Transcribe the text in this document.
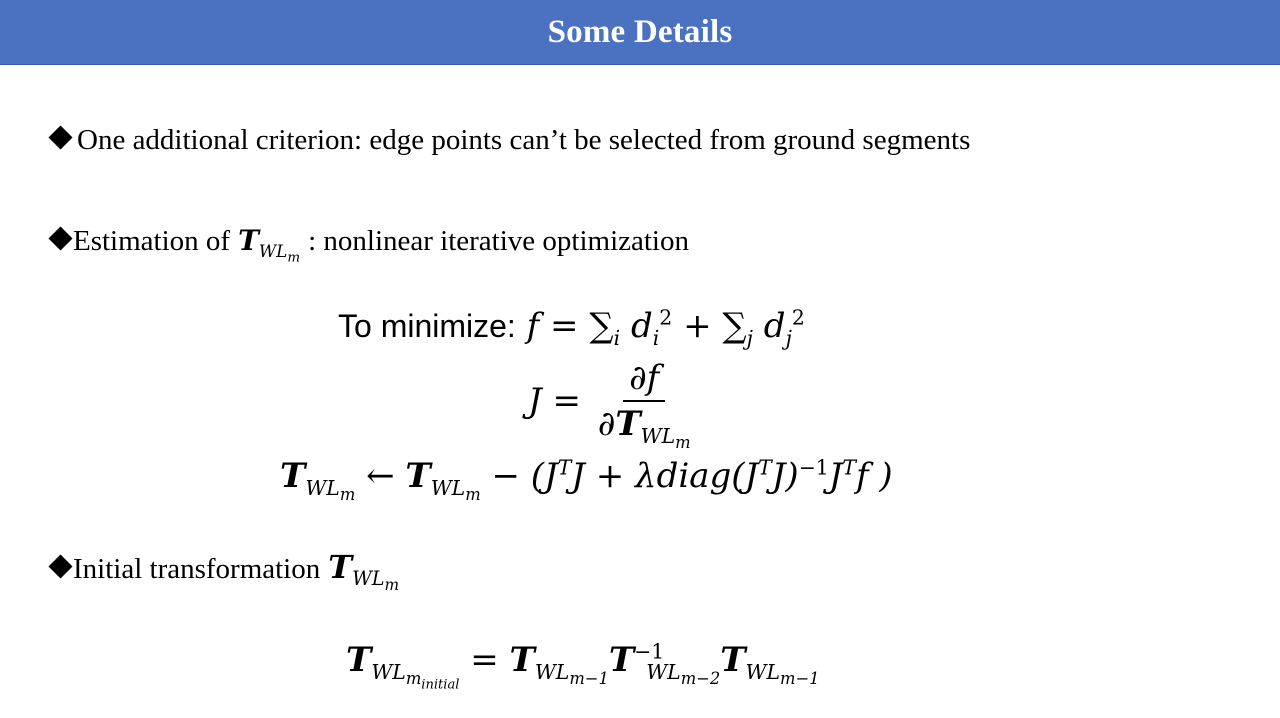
Some Details
One additional criterion: edge points can’t be selected from ground segments
Estimation of $T_{WL_m}$
: nonlinear iterative optimization
To minimize: $f = \sum_i$ $d_i^2 + \sum_j$ $d_j^2$
$J = \frac{\partial f}{\partial T_{WL_m}}$
$T_{WL_m}$ ← $T_{WL_m} - (J^TJ$ + $\lambda diag(J^TJ)^{-1}J^Tf$ )
Initial transformation $T_{WL_m}$
$T_{WL_{m_{initial}}} = T_{WL_{m-1}}T^{-1}_{WL_{m-2}}T_{WL_{m-1}}$
